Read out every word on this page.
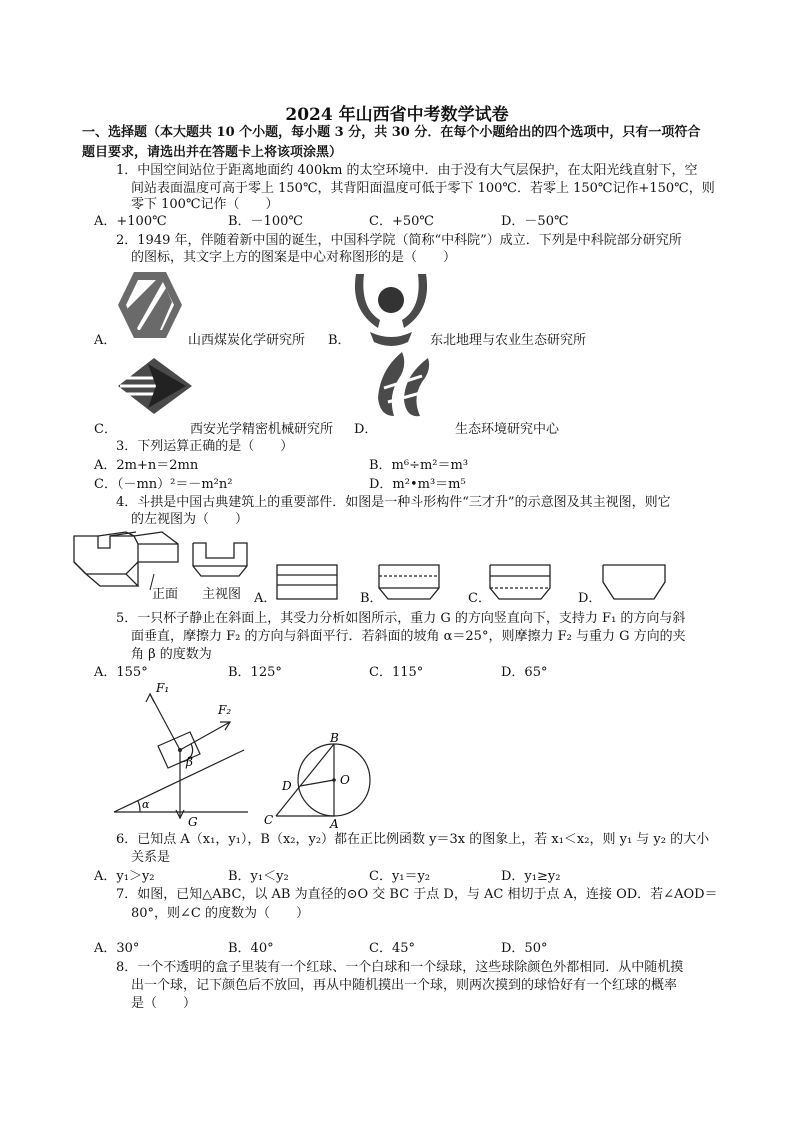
2024 年山西省中考数学试卷
一、选择题（本大题共 10 个小题，每小题 3 分，共 30 分．在每个小题给出的四个选项中，只有一项符合
题目要求，请选出并在答题卡上将该项涂黑）
1．中国空间站位于距离地面约 400km 的太空环境中．由于没有大气层保护，在太阳光线直射下，空
间站表面温度可高于零上 150℃，其背阳面温度可低于零下 100℃．若零上 150℃记作+150℃，则
零下 100℃记作（　　）
A．+100℃	B．－100℃	C．+50℃	D．－50℃
2．1949 年，伴随着新中国的诞生，中国科学院（简称“中科院”）成立．下列是中科院部分研究所
的图标，其文字上方的图案是中心对称图形的是（　　）
A．	山西煤炭化学研究所 B．	东北地理与农业生态研究所
C．	西安光学精密机械研究所 D．	生态环境研究中心
3．下列运算正确的是（　　）
A．2m+n＝2mn	B．m⁶÷m²＝m³
C．（－mn）²＝－m²n²	D．m²•m³＝m⁵
4．斗拱是中国古典建筑上的重要部件．如图是一种斗形构件“三才升”的示意图及其主视图，则它
的左视图为（　　）
正面 主视图 A．	B．	C．	D．
5．一只杯子静止在斜面上，其受力分析如图所示，重力 G 的方向竖直向下，支持力 F₁ 的方向与斜
面垂直，摩擦力 F₂ 的方向与斜面平行．若斜面的坡角 α＝25°，则摩擦力 F₂ 与重力 G 方向的夹
角 β 的度数为
A．155°	B．125°	C．115°	D．65°
F₁
F₂
β
α
G
B
O
D
C	A
6．已知点 A（x₁，y₁），B（x₂，y₂）都在正比例函数 y＝3x 的图象上，若 x₁＜x₂，则 y₁ 与 y₂ 的大小
关系是
A．y₁＞y₂	B．y₁＜y₂	C．y₁＝y₂	D．y₁≥y₂
7．如图，已知△ABC，以 AB 为直径的⊙O 交 BC 于点 D，与 AC 相切于点 A，连接 OD．若∠AOD＝
80°，则∠C 的度数为（　　）
A．30°	B．40°	C．45°	D．50°
8．一个不透明的盒子里装有一个红球、一个白球和一个绿球，这些球除颜色外都相同．从中随机摸
出一个球，记下颜色后不放回，再从中随机摸出一个球，则两次摸到的球恰好有一个红球的概率
是（　　）
